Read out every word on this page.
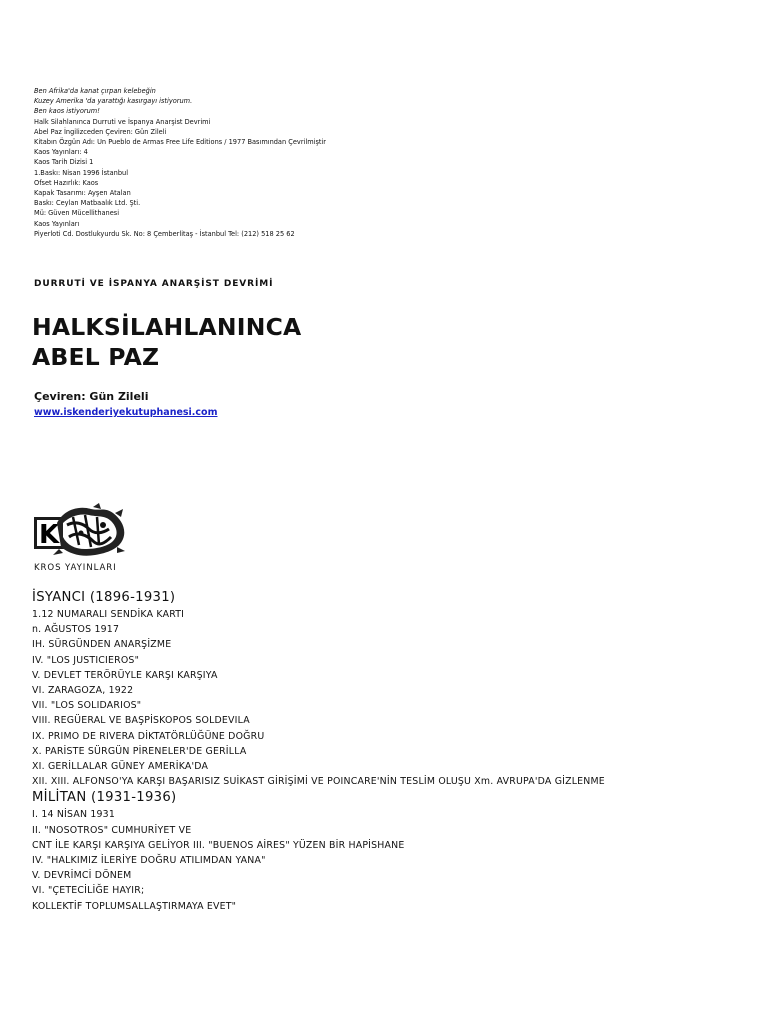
Ben Afrika'da kanat çırpan kelebeğin
Kuzey Amerika 'da yarattığı kasırgayı istiyorum.
Ben kaos istiyorum!
Halk Silahlanınca Durruti ve İspanya Anarşist Devrimi
Abel Paz İngilizceden Çeviren: Gün Zileli
Kitabın Özgün Adı: Un Pueblo de Armas Free Life Editions / 1977 Basımından Çevrilmiştir
Kaos Yayınları: 4
Kaos Tarih Dizisi 1
1.Baskı: Nisan 1996 İstanbul
Ofset Hazırlık: Kaos
Kapak Tasarımı: Ayşen Atalan
Baskı: Ceylan Matbaalık Ltd. Şti.
Mü: Güven Mücellithanesi
Kaos Yayınları
Piyerloti Cd. Dostlukyurdu Sk. No: 8 Çemberlitaş - İstanbul Tel: (212) 518 25 62
DURRUTİ VE İSPANYA ANARŞİST DEVRİMİ
HALKSİLAHLANINCA
ABEL PAZ
Çeviren: Gün Zileli
www.iskenderiyekutuphanesi.com
K
KROS YAYINLARI
İSYANCI (1896-1931)
1.12 NUMARALI SENDİKA KARTI
n. AĞUSTOS 1917
IH. SÜRGÜNDEN ANARŞİZME
IV. "LOS JUSTICIEROS"
V. DEVLET TERÖRÜYLE KARŞI KARŞIYA
VI. ZARAGOZA, 1922
VII. "LOS SOLIDARIOS"
VIII. REGÜERAL VE BAŞPİSKOPOS SOLDEVILA
IX. PRIMO DE RIVERA DİKTATÖRLÜĞÜNE DOĞRU
X. PARİSTE SÜRGÜN PİRENELER'DE GERİLLA
XI. GERİLLALAR GÜNEY AMERİKA'DA
XII. XIII. ALFONSO'YA KARŞI BAŞARISIZ SUİKAST GİRİŞİMİ VE POINCARE'NİN TESLİM OLUŞU Xm. AVRUPA'DA GİZLENME
MİLİTAN (1931-1936)
I. 14 NİSAN 1931
II. "NOSOTROS" CUMHURİYET VE
CNT İLE KARŞI KARŞIYA GELİYOR III. "BUENOS AİRES" YÜZEN BİR HAPİSHANE
IV. "HALKIMIZ İLERİYE DOĞRU ATILIMDAN YANA"
V. DEVRİMCİ DÖNEM
VI. "ÇETECİLİĞE HAYIR;
KOLLEKTİF TOPLUMSALLAŞTIRMAYA EVET"
